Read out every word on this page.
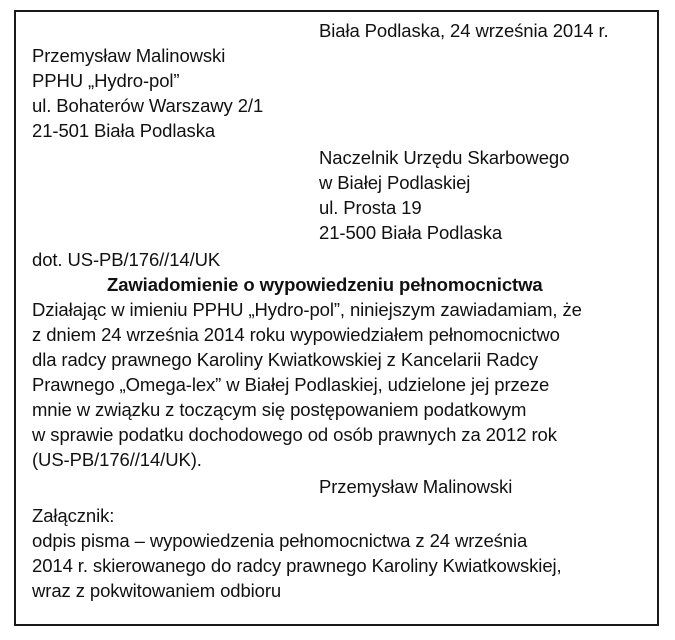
Biała Podlaska, 24 września 2014 r.
Przemysław Malinowski
PPHU „Hydro-pol”
ul. Bohaterów Warszawy 2/1
21-501 Biała Podlaska
Naczelnik Urzędu Skarbowego
w Białej Podlaskiej
ul. Prosta 19
21-500 Biała Podlaska
dot. US-PB/176//14/UK
Zawiadomienie o wypowiedzeniu pełnomocnictwa
Działając w imieniu PPHU „Hydro-pol”, niniejszym zawiadamiam, że
z dniem 24 września 2014 roku wypowiedziałem pełnomocnictwo
dla radcy prawnego Karoliny Kwiatkowskiej z Kancelarii Radcy
Prawnego „Omega-lex” w Białej Podlaskiej, udzielone jej przeze
mnie w związku z toczącym się postępowaniem podatkowym
w sprawie podatku dochodowego od osób prawnych za 2012 rok
(US-PB/176//14/UK).
Przemysław Malinowski
Załącznik:
odpis pisma – wypowiedzenia pełnomocnictwa z 24 września
2014 r. skierowanego do radcy prawnego Karoliny Kwiatkowskiej,
wraz z pokwitowaniem odbioru
